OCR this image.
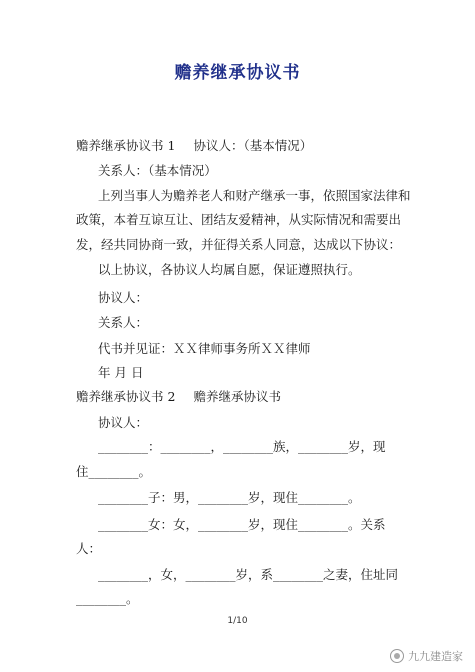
赡养继承协议书
赡养继承协议书 1 协议人：（基本情况）
关系人：（基本情况）
上列当事人为赡养老人和财产继承一事，依照国家法律和
政策，本着互谅互让、团结友爱精神，从实际情况和需要出
发，经共同协商一致，并征得关系人同意，达成以下协议：
以上协议，各协议人均属自愿，保证遵照执行。
协议人：
关系人：
代书并见证：ＸＸ律师事务所ＸＸ律师
年 月 日
赡养继承协议书 2 赡养继承协议书
协议人：
________：________，________族，________岁，现
住________。
________子：男，________岁，现住________。
________女：女，________岁，现住________。关系
人：
________，女，________岁，系________之妻，住址同
________。
1/10
九九建造家
